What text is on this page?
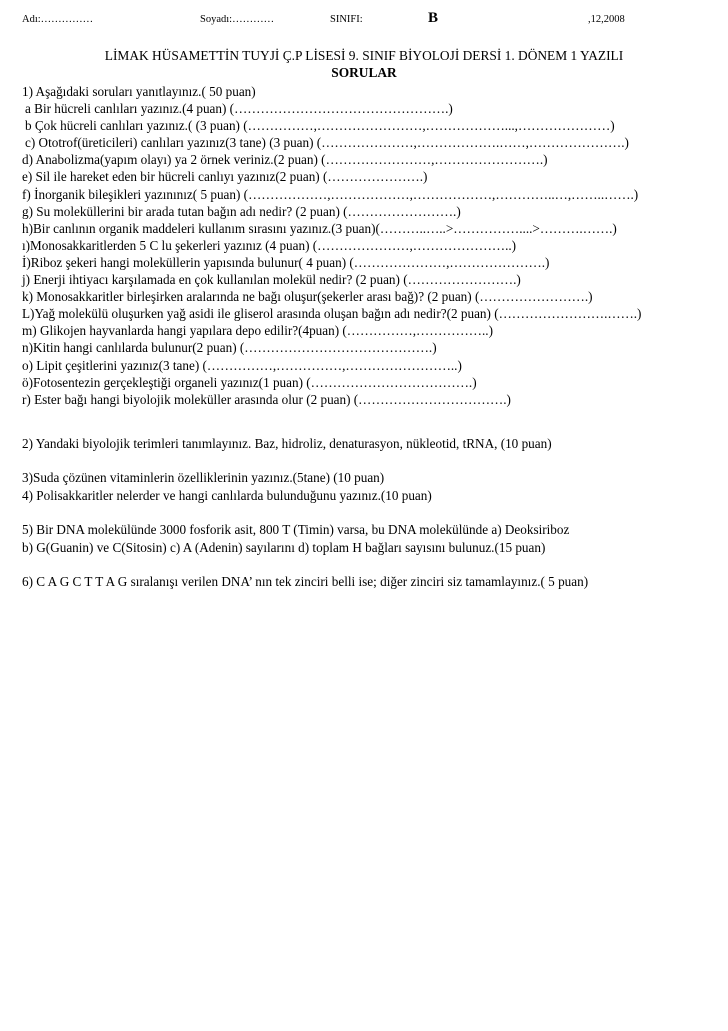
Adı:……………	Soyadı:…………	SINIFI:	B	,12,2008
LİMAK HÜSAMETTİN TUYJİ Ç.P LİSESİ 9. SINIF BİYOLOJİ DERSİ 1. DÖNEM 1 YAZILI
SORULAR
1) Aşağıdaki soruları yanıtlayınız.( 50 puan)
a Bir hücreli canlıları yazınız.(4 puan) (………………………………………….)
b Çok hücreli canlıları yazınız.( (3 puan) (……………,……………………,………………...,…………………)
c) Ototrof(üreticileri) canlıları yazınız(3 tane) (3 puan) (…………………,……………….……,………………….)
d) Anabolizma(yapım olayı) ya 2 örnek veriniz.(2 puan) (……………………,…………………….)
e) Sil ile hareket eden bir hücreli canlıyı yazınız(2 puan) (………………….)
f) İnorganik bileşikleri yazınınız( 5 puan) (………………,………………,………………,…………..…,……..…….)
g) Su moleküllerini bir arada tutan bağın adı nedir? (2 puan) (…………………….)
h)Bir canlının organik maddeleri kullanım sırasını yazınız.(3 puan)(………..…..>……………....>……….…….)
ı)Monosakkaritlerden 5 C lu şekerleri yazınız (4 puan) (…………………,…………………..)
İ)Riboz şekeri hangi moleküllerin yapısında bulunur( 4 puan) (…………………,………………….)
j) Enerji ihtiyacı karşılamada en çok kullanılan molekül nedir? (2 puan) (…………………….)
k) Monosakkaritler birleşirken aralarında ne bağı oluşur(şekerler arası bağ)? (2 puan) (…………………….)
L)Yağ molekülü oluşurken yağ asidi ile gliserol arasında oluşan bağın adı nedir?(2 puan) (…………………….…….)
m) Glikojen hayvanlarda hangi yapılara depo edilir?(4puan) (……………,……………..)
n)Kitin hangi canlılarda bulunur(2 puan) (…………………………………….)
o) Lipit çeşitlerini yazınız(3 tane) (……………,……………,……………………..)
ö)Fotosentezin gerçekleştiği organeli yazınız(1 puan) (……………………………….)
r) Ester bağı hangi biyolojik moleküller arasında olur (2 puan) (…………………………….)
2) Yandaki biyolojik terimleri tanımlayınız. Baz, hidroliz, denaturasyon, nükleotid, tRNA, (10 puan)
3)Suda çözünen vitaminlerin özelliklerinin yazınız.(5tane) (10 puan)
4) Polisakkaritler nelerder ve hangi canlılarda bulunduğunu yazınız.(10 puan)
5) Bir DNA molekülünde 3000 fosforik asit, 800 T (Timin) varsa, bu DNA molekülünde a) Deoksiriboz
b) G(Guanin) ve C(Sitosin) c) A (Adenin) sayılarını d) toplam H bağları sayısını bulunuz.(15 puan)
6) C A G C T T A G sıralanışı verilen DNA’ nın tek zinciri belli ise; diğer zinciri siz tamamlayınız.( 5 puan)
